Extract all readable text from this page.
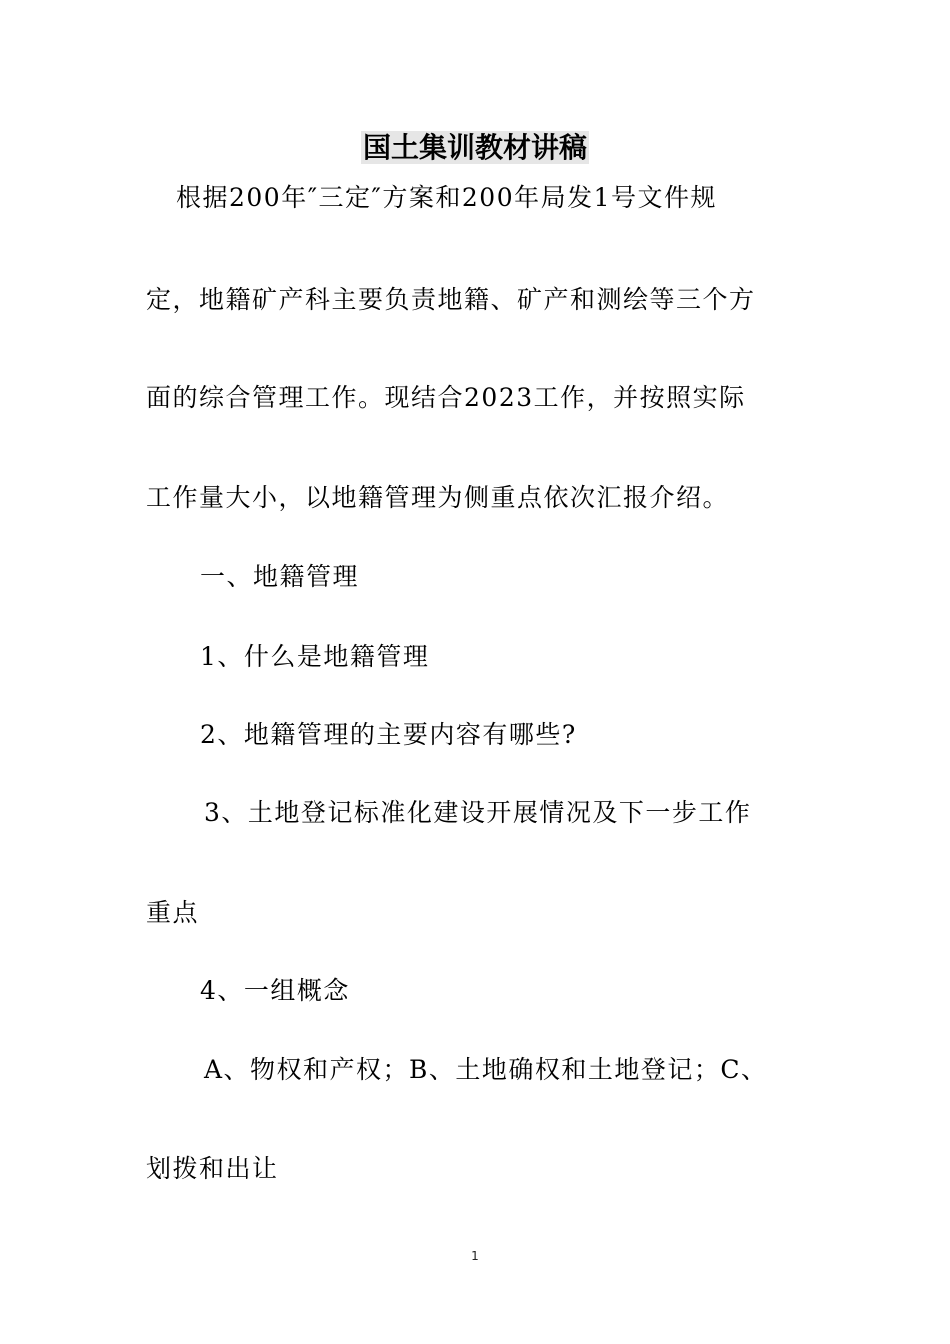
国土集训教材讲稿
根据200年″三定″方案和200年局发1号文件规
定，地籍矿产科主要负责地籍、矿产和测绘等三个方
面的综合管理工作。现结合2023工作，并按照实际
工作量大小，以地籍管理为侧重点依次汇报介绍。
一、地籍管理
1、什么是地籍管理
2、地籍管理的主要内容有哪些?
3、土地登记标准化建设开展情况及下一步工作
重点
4、一组概念
A、物权和产权；B、土地确权和土地登记；C、
划拨和出让
1
